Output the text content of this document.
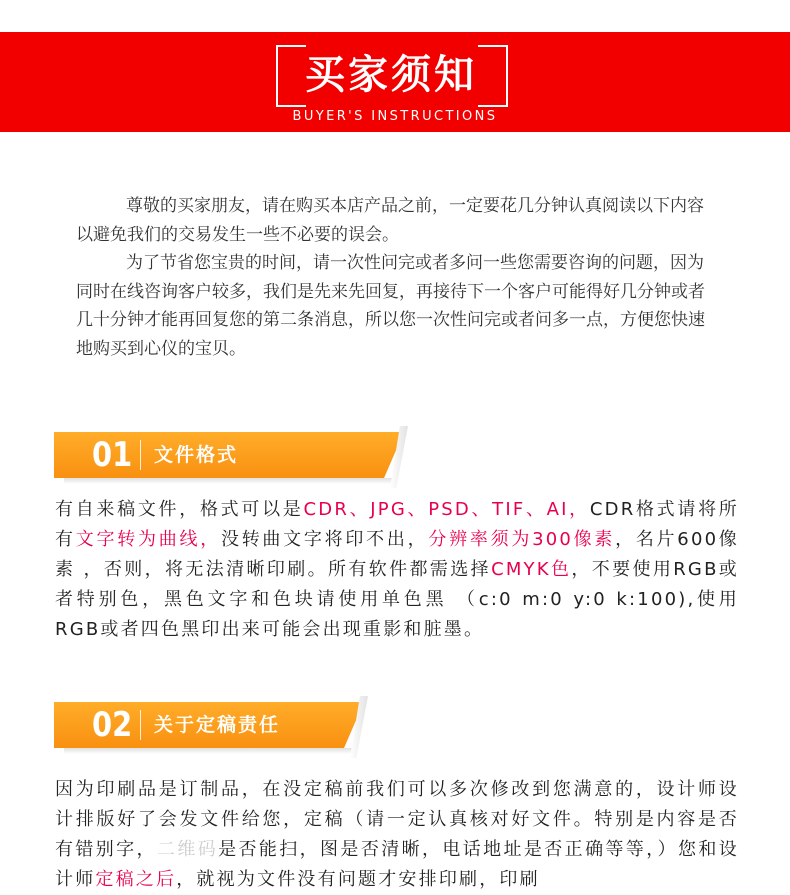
买家须知
BUYER'S INSTRUCTIONS

尊敬的买家朋友，请在购买本店产品之前，一定要花几分钟认真阅读以下内容以避免我们的交易发生一些不必要的误会。

为了节省您宝贵的时间，请一次性问完或者多问一些您需要咨询的问题，因为同时在线咨询客户较多，我们是先来先回复，再接待下一个客户可能得好几分钟或者几十分钟才能再回复您的第二条消息，所以您一次性问完或者问多一点，方便您快速地购买到心仪的宝贝。

01 文件格式
有自来稿文件，格式可以是CDR、JPG、PSD、TIF、AI，CDR格式请将所有文字转为曲线，没转曲文字将印不出，分辨率须为300像素，名片600像素 ，否则，将无法清晰印刷。所有软件都需选择CMYK色，不要使用RGB或者特别色，黑色文字和色块请使用单色黑 （c:0 m:0 y:0 k:100),使用RGB或者四色黑印出来可能会出现重影和脏墨。
02 关于定稿责任
因为印刷品是订制品，在没定稿前我们可以多次修改到您满意的，设计师设计排版好了会发文件给您，定稿（请一定认真核对好文件。特别是内容是否有错别字，二维码是否能扫，图是否清晰，电话地址是否正确等等，）您和设计师定稿之后，就视为文件没有问题才安排印刷，印刷
